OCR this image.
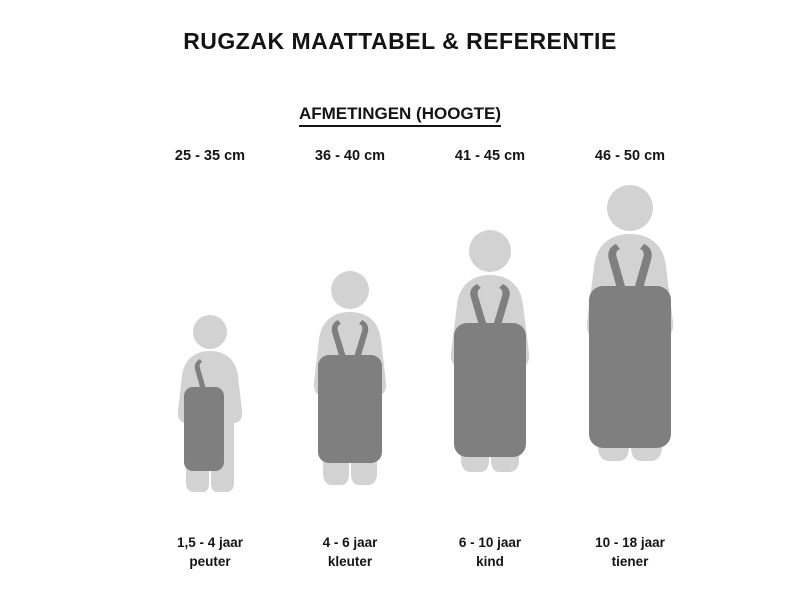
RUGZAK MAATTABEL & REFERENTIE
AFMETINGEN (HOOGTE)
25 - 35 cm
1,5 - 4 jaar
peuter
36 - 40 cm
4 - 6 jaar
kleuter
41 - 45 cm
6 - 10 jaar
kind
46 - 50 cm
10 - 18 jaar
tiener
